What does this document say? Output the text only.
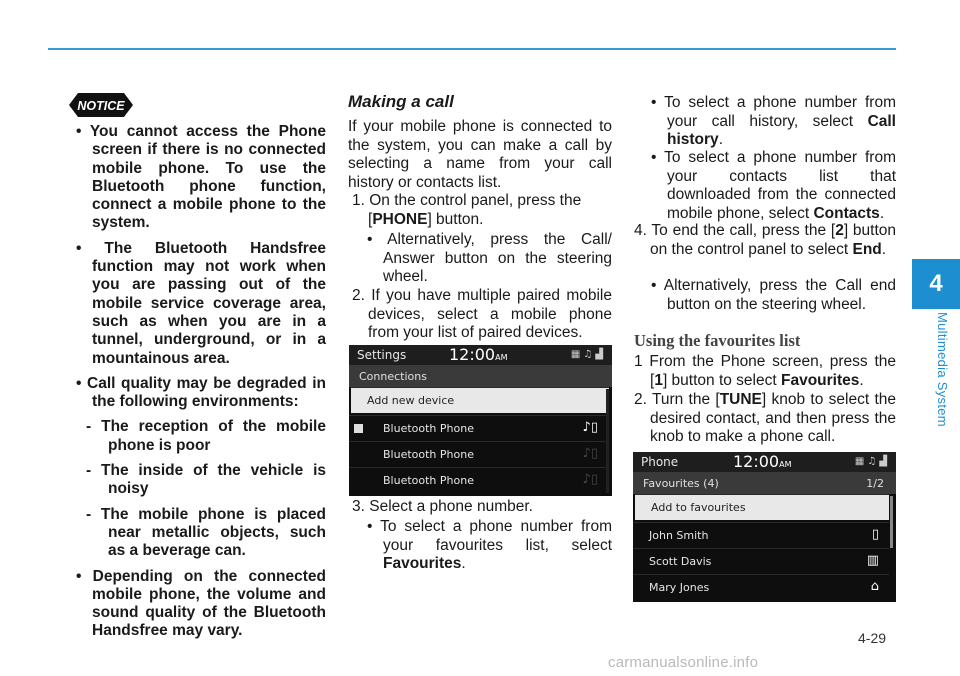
4
Multimedia System
NOTICE

• You cannot access the Phone screen if there is no connected mobile phone. To use the Bluetooth phone function, connect a mobile phone to the system.

• The Bluetooth Handsfree function may not work when you are passing out of the mobile service coverage area, such as when you are in a tunnel, underground, or in a mountainous area.

• Call quality may be degraded in the following environments:

- The reception of the mobile phone is poor

- The inside of the vehicle is noisy

- The mobile phone is placed near metallic objects, such as a beverage can.

• Depending on the connected mobile phone, the volume and sound quality of the Bluetooth Handsfree may vary.

Making a call
If your mobile phone is connected to the system, you can make a call by selecting a name from your call history or contacts list.
1. On the control panel, press the [PHONE] button.
• Alternatively, press the Call/ Answer button on the steering wheel.
2. If you have multiple paired mobile devices, select a mobile phone from your list of paired devices.
Settings	12:00AM	▦♫▟
Connections
Add new device
Bluetooth Phone	♪▯
Bluetooth Phone	♪▯
Bluetooth Phone	♪▯
3. Select a phone number.
• To select a phone number from your favourites list, select Favourites.
• To select a phone number from your call history, select Call history.
• To select a phone number from your contacts list that downloaded from the connected mobile phone, select Contacts.
4. To end the call, press the [2] button on the control panel to select End.
• Alternatively, press the Call end button on the steering wheel.
Using the favourites list
1 From the Phone screen, press the [1] button to select Favourites.
2. Turn the [TUNE] knob to select the desired contact, and then press the knob to make a phone call.
Phone	12:00AM	▦♫▟
Favourites (4)	1/2
Add to favourites
John Smith	▯
Scott Davis	▥
Mary Jones	⌂
4-29
carmanualsonline.info
